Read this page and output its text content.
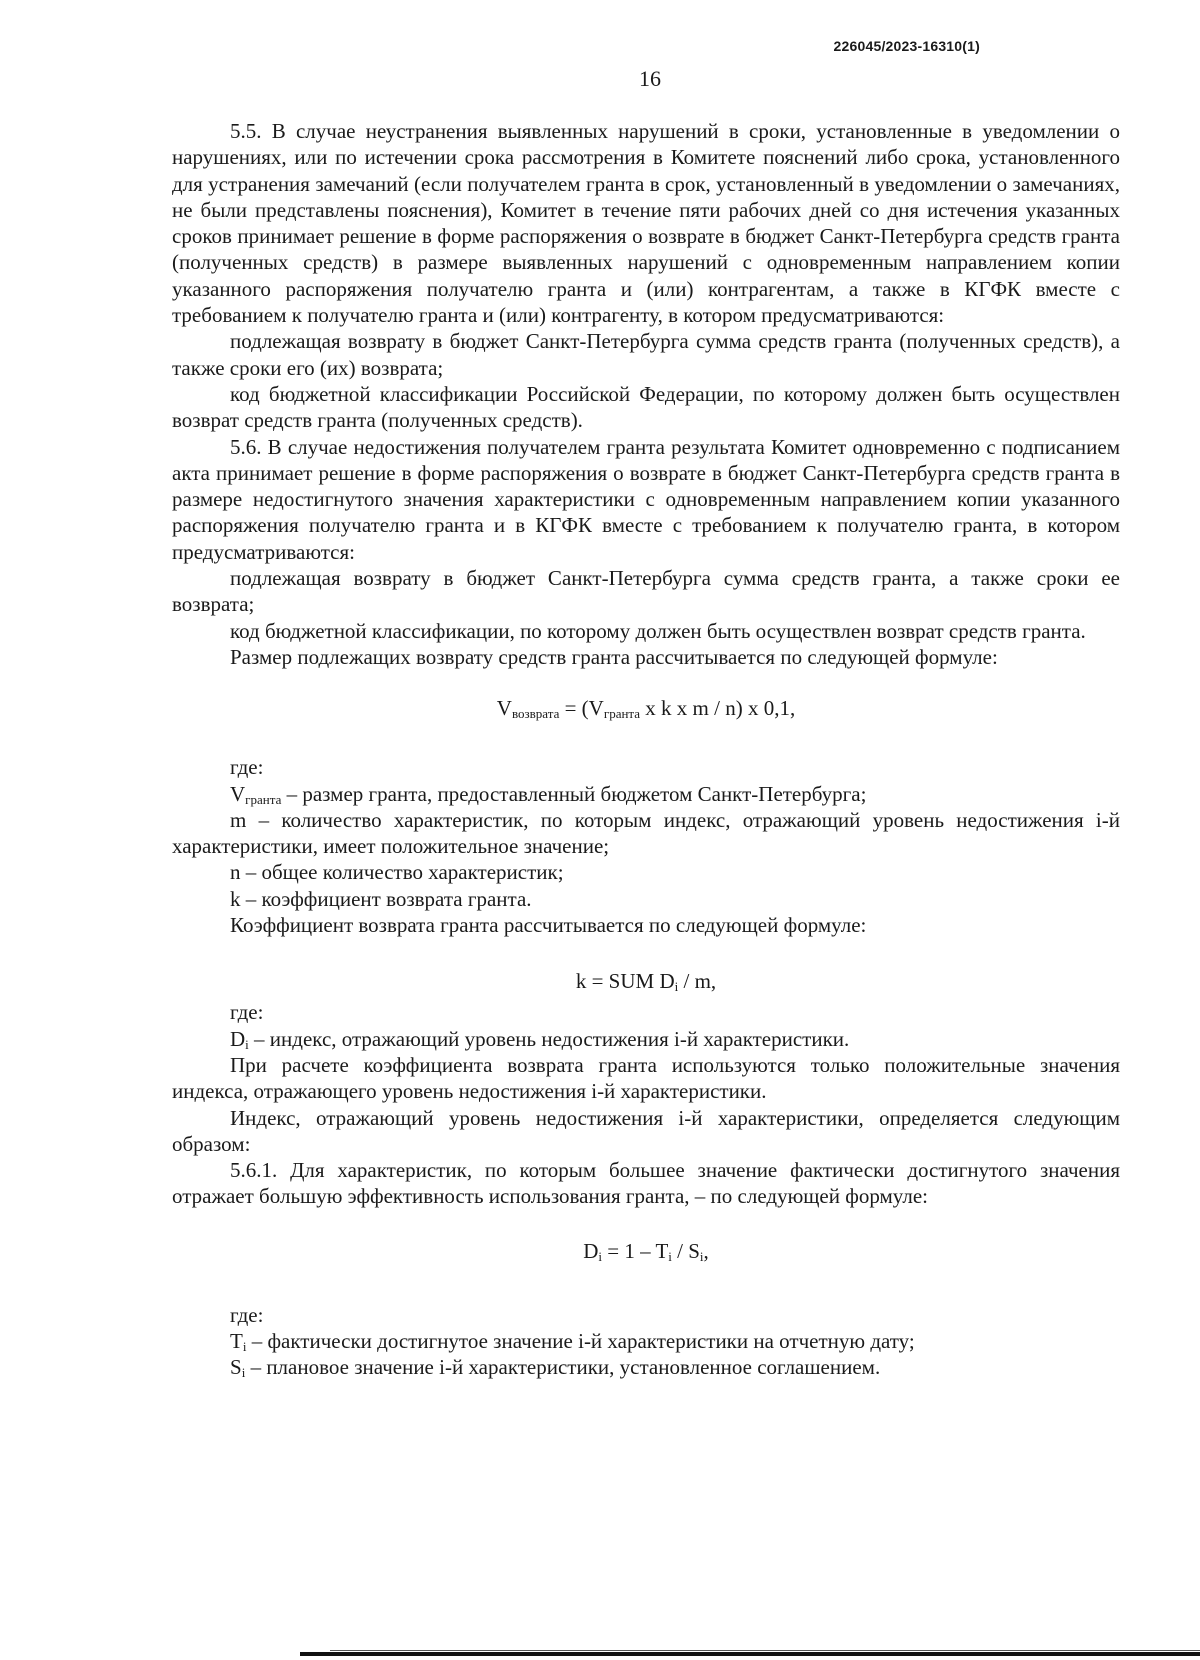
226045/2023-16310(1)
16

5.5. В случае неустранения выявленных нарушений в сроки, установленные в уведомлении о нарушениях, или по истечении срока рассмотрения в Комитете пояснений либо срока, установленного для устранения замечаний (если получателем гранта в срок, установленный в уведомлении о замечаниях, не были представлены пояснения), Комитет в течение пяти рабочих дней со дня истечения указанных сроков принимает решение в форме распоряжения о возврате в бюджет Санкт-Петербурга средств гранта (полученных средств) в размере выявленных нарушений с одновременным направлением копии указанного распоряжения получателю гранта и (или) контрагентам, а также в КГФК вместе с требованием к получателю гранта и (или) контрагенту, в котором предусматриваются:

подлежащая возврату в бюджет Санкт-Петербурга сумма средств гранта (полученных средств), а также сроки его (их) возврата;

код бюджетной классификации Российской Федерации, по которому должен быть осуществлен возврат средств гранта (полученных средств).

5.6. В случае недостижения получателем гранта результата Комитет одновременно с подписанием акта принимает решение в форме распоряжения о возврате в бюджет Санкт-Петербурга средств гранта в размере недостигнутого значения характеристики с одновременным направлением копии указанного распоряжения получателю гранта и в КГФК вместе с требованием к получателю гранта, в котором предусматриваются:

подлежащая возврату в бюджет Санкт-Петербурга сумма средств гранта, а также сроки ее возврата;

код бюджетной классификации, по которому должен быть осуществлен возврат средств гранта.

Размер подлежащих возврату средств гранта рассчитывается по следующей формуле:

$V_{возврата} = (V_{гранта}$ x k x m / n) x 0,1,

где:

$V_{гранта}$ – размер гранта, предоставленный бюджетом Санкт-Петербурга;

m – количество характеристик, по которым индекс, отражающий уровень недостижения i-й характеристики, имеет положительное значение;

n – общее количество характеристик;

k – коэффициент возврата гранта.

Коэффициент возврата гранта рассчитывается по следующей формуле:

k = SUM $D_i$ / m,

где:

$D_i$ – индекс, отражающий уровень недостижения i-й характеристики.

При расчете коэффициента возврата гранта используются только положительные значения индекса, отражающего уровень недостижения i-й характеристики.

Индекс, отражающий уровень недостижения i-й характеристики, определяется следующим образом:

5.6.1. Для характеристик, по которым большее значение фактически достигнутого значения отражает большую эффективность использования гранта, – по следующей формуле:

$D_i = 1 - T_i / S_i$,

где:

$T_i$ – фактически достигнутое значение i-й характеристики на отчетную дату;

$S_i$ – плановое значение i-й характеристики, установленное соглашением.
